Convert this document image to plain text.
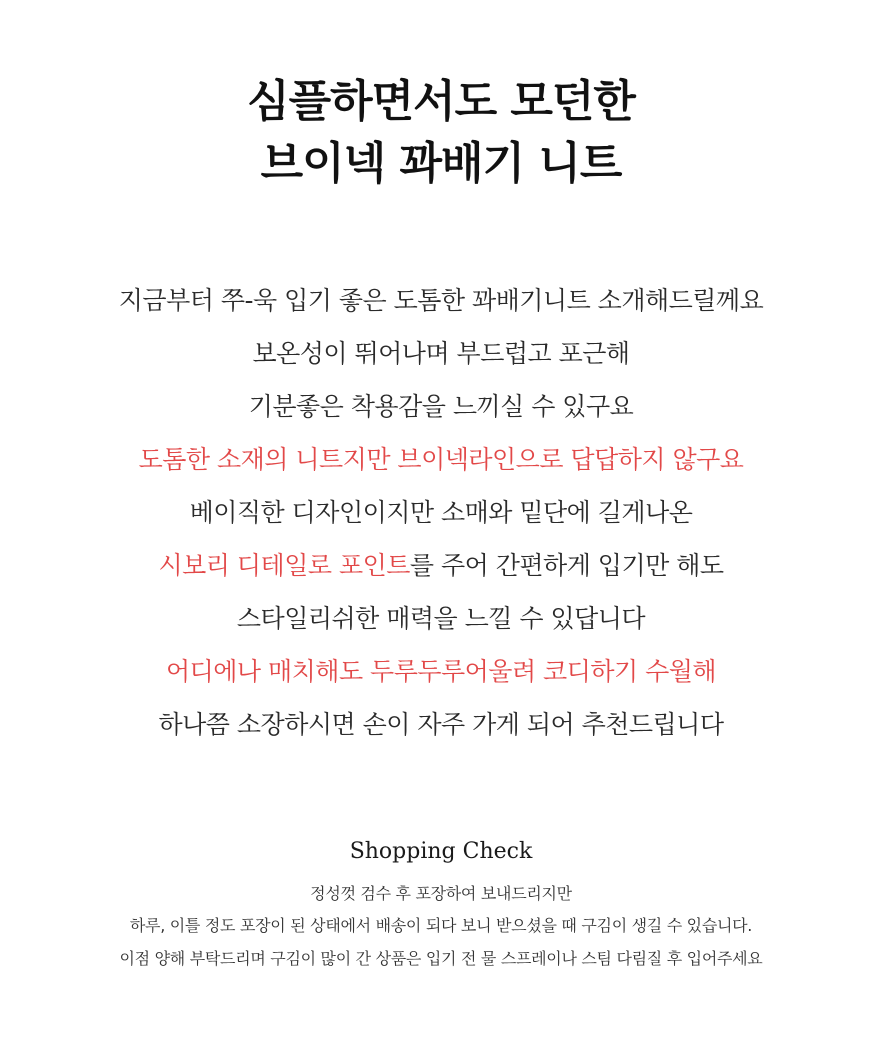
심플하면서도 모던한
브이넥 꽈배기 니트
지금부터 쭈-욱 입기 좋은 도톰한 꽈배기니트 소개해드릴께요
보온성이 뛰어나며 부드럽고 포근해
기분좋은 착용감을 느끼실 수 있구요
도톰한 소재의 니트지만 브이넥라인으로 답답하지 않구요
베이직한 디자인이지만 소매와 밑단에 길게나온
시보리 디테일로 포인트를 주어 간편하게 입기만 해도
스타일리쉬한 매력을 느낄 수 있답니다
어디에나 매치해도 두루두루어울려 코디하기 수월해
하나쯤 소장하시면 손이 자주 가게 되어 추천드립니다
Shopping Check
정성껏 검수 후 포장하여 보내드리지만
하루, 이틀 정도 포장이 된 상태에서 배송이 되다 보니 받으셨을 때 구김이 생길 수 있습니다.
이점 양해 부탁드리며 구김이 많이 간 상품은 입기 전 물 스프레이나 스팀 다림질 후 입어주세요
